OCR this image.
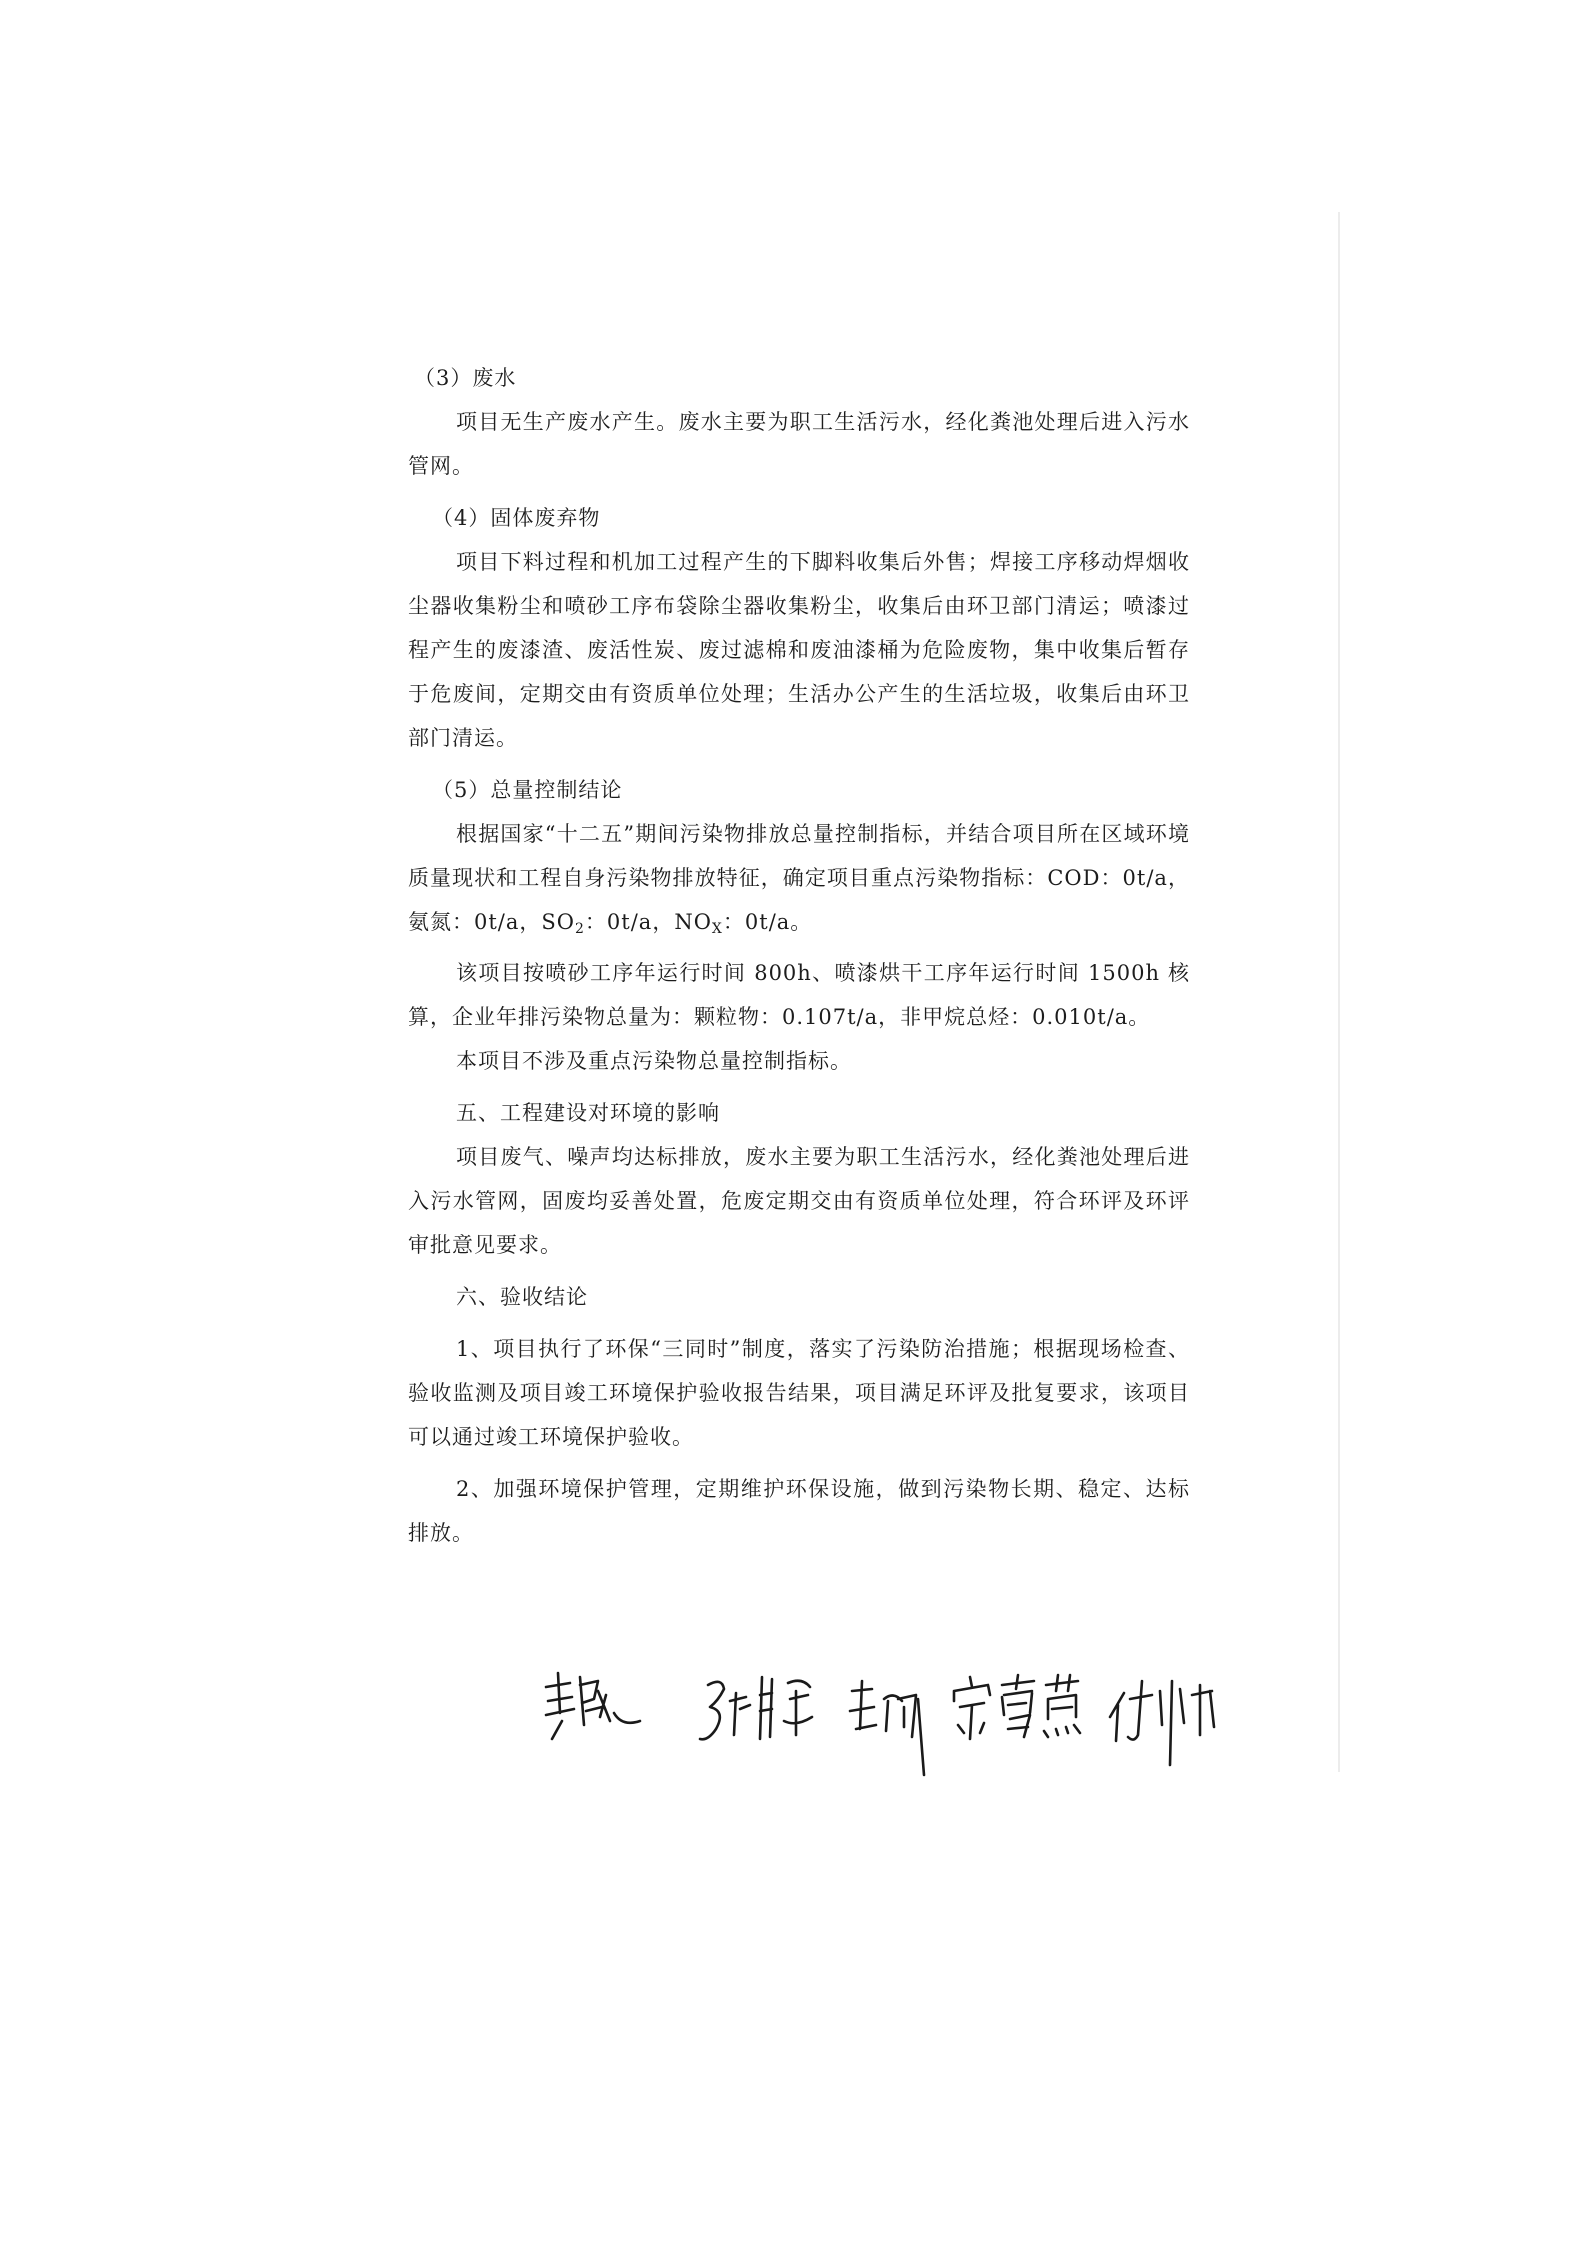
（3）废水

项目无生产废水产生。废水主要为职工生活污水，经化粪池处理后进入污水管网。

（4）固体废弃物

项目下料过程和机加工过程产生的下脚料收集后外售；焊接工序移动焊烟收尘器收集粉尘和喷砂工序布袋除尘器收集粉尘，收集后由环卫部门清运；喷漆过程产生的废漆渣、废活性炭、废过滤棉和废油漆桶为危险废物，集中收集后暂存于危废间，定期交由有资质单位处理；生活办公产生的生活垃圾，收集后由环卫部门清运。

（5）总量控制结论

根据国家“十二五”期间污染物排放总量控制指标，并结合项目所在区域环境质量现状和工程自身污染物排放特征，确定项目重点污染物指标：COD：0t/a，氨氮：0t/a，$SO_2$：0t/a，$NO_X$：0t/a。

该项目按喷砂工序年运行时间 800h、喷漆烘干工序年运行时间 1500h 核算，企业年排污染物总量为：颗粒物：0.107t/a，非甲烷总烃：0.010t/a。

本项目不涉及重点污染物总量控制指标。

五、工程建设对环境的影响

项目废气、噪声均达标排放，废水主要为职工生活污水，经化粪池处理后进入污水管网，固废均妥善处置，危废定期交由有资质单位处理，符合环评及环评审批意见要求。

六、验收结论

1、项目执行了环保“三同时”制度，落实了污染防治措施；根据现场检查、验收监测及项目竣工环境保护验收报告结果，项目满足环评及批复要求，该项目可以通过竣工环境保护验收。

2、加强环境保护管理，定期维护环保设施，做到污染物长期、稳定、达标排放。
